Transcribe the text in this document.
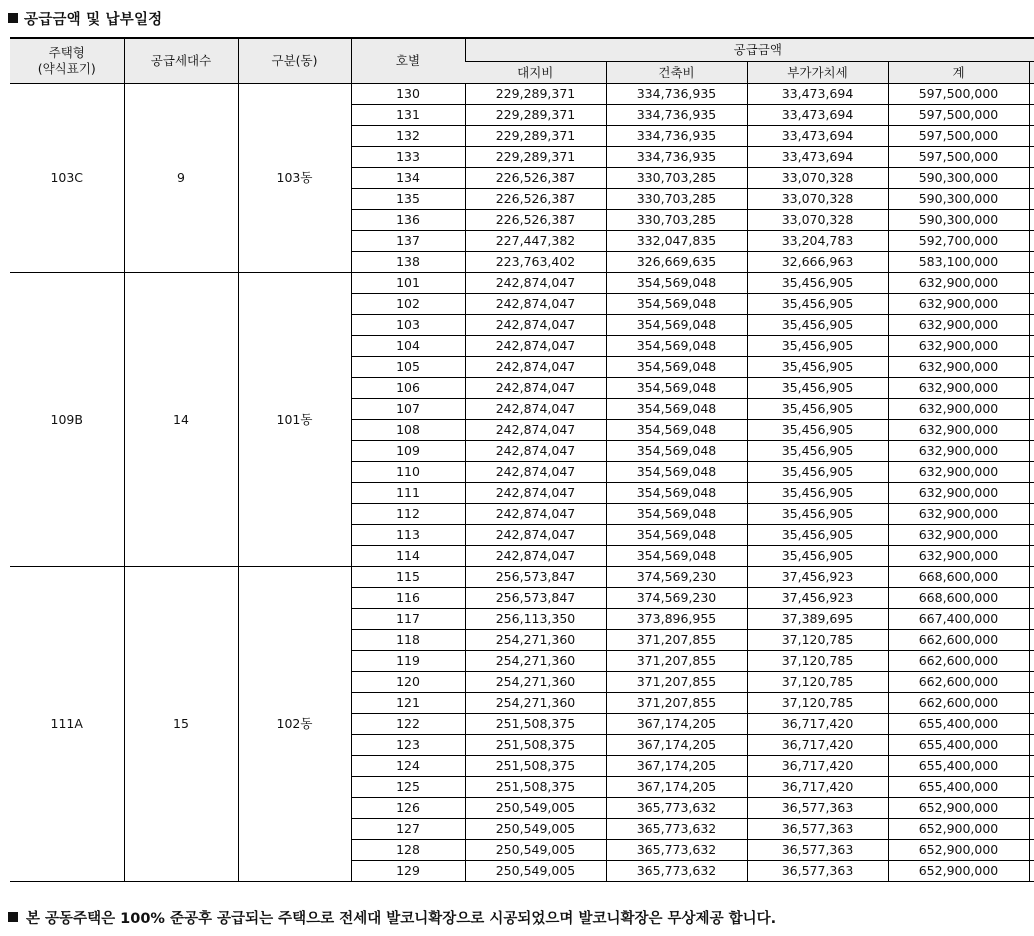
공급금액 및 납부일정
주택형
(약식표기)	공급세대수	구분(동)	호별	공급금액				
				대지비	건축비	부가가치세	계	
103C	9	103동	130	229,289,371	334,736,935	33,473,694	597,500,000	
			131	229,289,371	334,736,935	33,473,694	597,500,000	
			132	229,289,371	334,736,935	33,473,694	597,500,000	
			133	229,289,371	334,736,935	33,473,694	597,500,000	
			134	226,526,387	330,703,285	33,070,328	590,300,000	
			135	226,526,387	330,703,285	33,070,328	590,300,000	
			136	226,526,387	330,703,285	33,070,328	590,300,000	
			137	227,447,382	332,047,835	33,204,783	592,700,000	
			138	223,763,402	326,669,635	32,666,963	583,100,000	
109B	14	101동	101	242,874,047	354,569,048	35,456,905	632,900,000	
			102	242,874,047	354,569,048	35,456,905	632,900,000	
			103	242,874,047	354,569,048	35,456,905	632,900,000	
			104	242,874,047	354,569,048	35,456,905	632,900,000	
			105	242,874,047	354,569,048	35,456,905	632,900,000	
			106	242,874,047	354,569,048	35,456,905	632,900,000	
			107	242,874,047	354,569,048	35,456,905	632,900,000	
			108	242,874,047	354,569,048	35,456,905	632,900,000	
			109	242,874,047	354,569,048	35,456,905	632,900,000	
			110	242,874,047	354,569,048	35,456,905	632,900,000	
			111	242,874,047	354,569,048	35,456,905	632,900,000	
			112	242,874,047	354,569,048	35,456,905	632,900,000	
			113	242,874,047	354,569,048	35,456,905	632,900,000	
			114	242,874,047	354,569,048	35,456,905	632,900,000	
111A	15	102동	115	256,573,847	374,569,230	37,456,923	668,600,000	
			116	256,573,847	374,569,230	37,456,923	668,600,000	
			117	256,113,350	373,896,955	37,389,695	667,400,000	
			118	254,271,360	371,207,855	37,120,785	662,600,000	
			119	254,271,360	371,207,855	37,120,785	662,600,000	
			120	254,271,360	371,207,855	37,120,785	662,600,000	
			121	254,271,360	371,207,855	37,120,785	662,600,000	
			122	251,508,375	367,174,205	36,717,420	655,400,000	
			123	251,508,375	367,174,205	36,717,420	655,400,000	
			124	251,508,375	367,174,205	36,717,420	655,400,000	
			125	251,508,375	367,174,205	36,717,420	655,400,000	
			126	250,549,005	365,773,632	36,577,363	652,900,000	
			127	250,549,005	365,773,632	36,577,363	652,900,000	
			128	250,549,005	365,773,632	36,577,363	652,900,000	
			129	250,549,005	365,773,632	36,577,363	652,900,000	
본 공동주택은 100% 준공후 공급되는 주택으로 전세대 발코니확장으로 시공되었으며 발코니확장은 무상제공 합니다.
